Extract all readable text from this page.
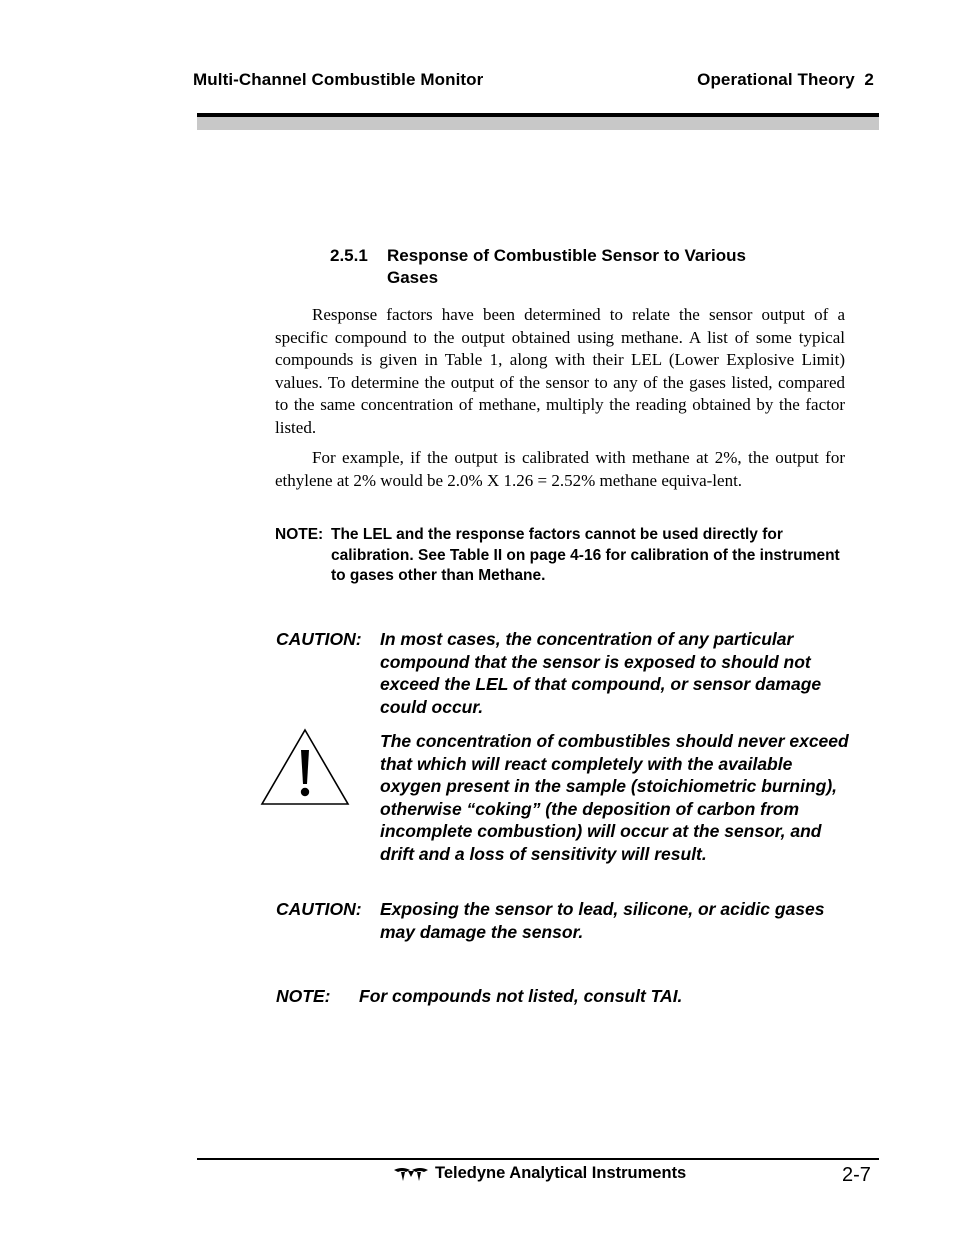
Multi-Channel Combustible Monitor	Operational Theory  2
2.5.1 Response of Combustible Sensor to Various
Gases

Response factors have been determined to relate the sensor output of a specific compound to the output obtained using methane. A list of some typical compounds is given in Table 1, along with their LEL (Lower Explosive Limit) values. To determine the output of the sensor to any of the gases listed, compared to the same concentration of methane, multiply the reading obtained by the factor listed.

For example, if the output is calibrated with methane at 2%, the output for ethylene at 2% would be 2.0% X 1.26 = 2.52% methane equiva-lent.

NOTE: The LEL and the response factors cannot be used directly for calibration. See Table II on page 4-16 for calibration of the instrument to gases other than Methane.
CAUTION: In most cases, the concentration of any particular compound that the sensor is exposed to should not exceed the LEL of that compound, or sensor damage could occur.
The concentration of combustibles should never exceed that which will react completely with the available oxygen present in the sample (stoichiometric burning), otherwise “coking” (the deposition of carbon from incomplete combustion) will occur at the sensor, and drift and a loss of sensitivity will result.
CAUTION: Exposing the sensor to lead, silicone, or acidic gases may damage the sensor.
NOTE: For compounds not listed, consult TAI.
Teledyne Analytical Instruments	2-7
